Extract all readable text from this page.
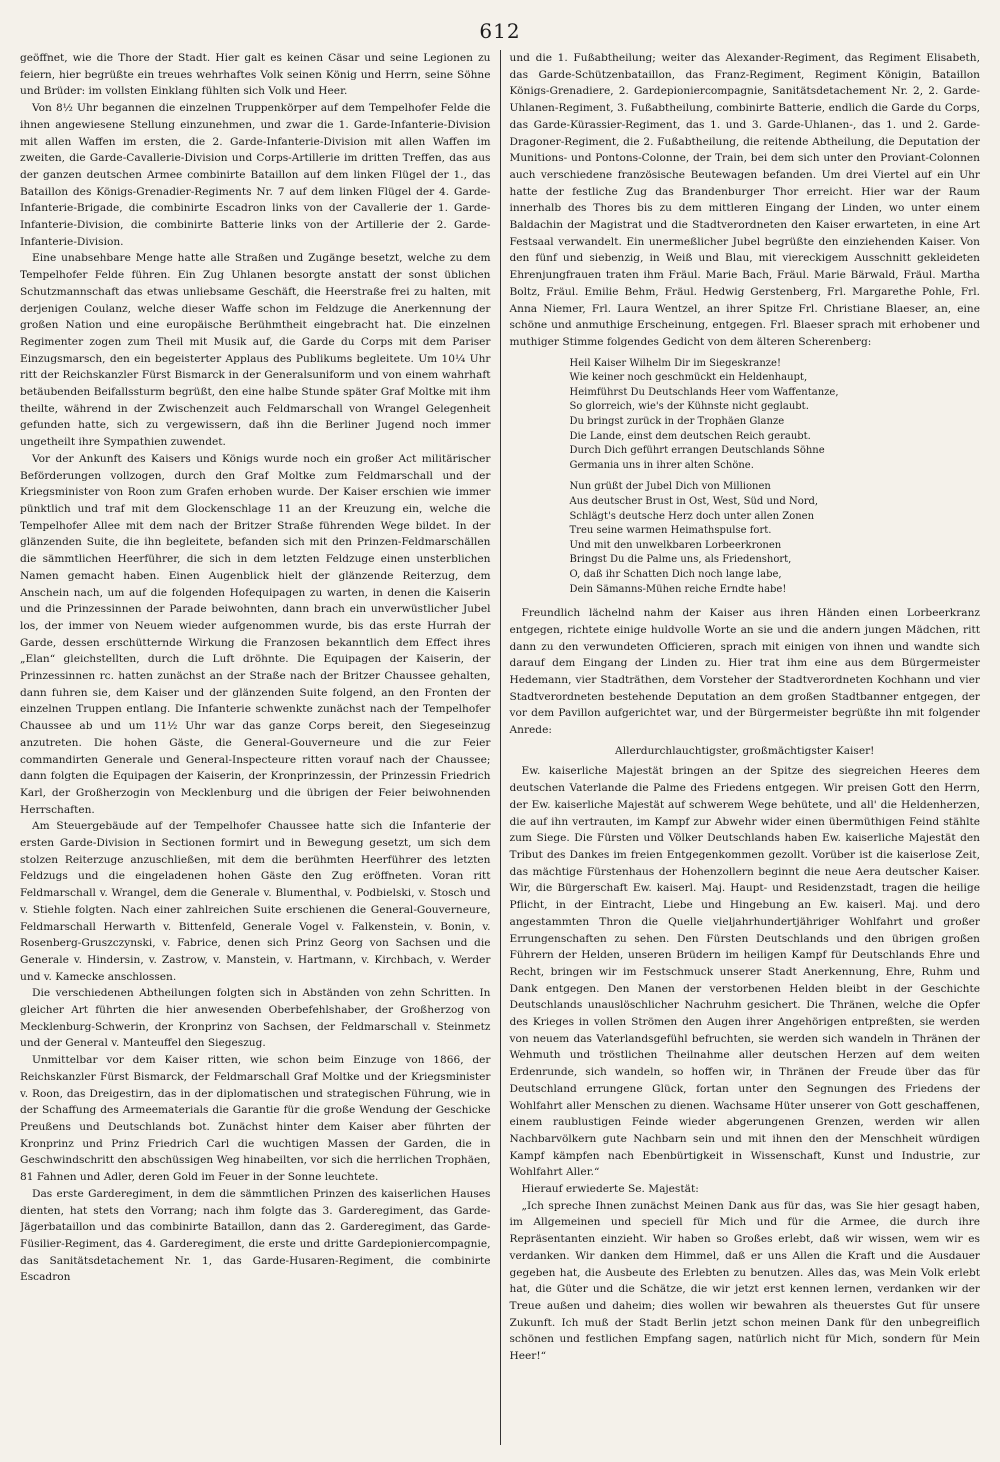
612

geöffnet, wie die Thore der Stadt. Hier galt es keinen Cäsar und seine Legionen zu feiern, hier begrüßte ein treues wehrhaftes Volk seinen König und Herrn, seine Söhne und Brüder: im vollsten Einklang fühlten sich Volk und Heer.

Von 8½ Uhr begannen die einzelnen Truppenkörper auf dem Tempelhofer Felde die ihnen angewiesene Stellung einzunehmen, und zwar die 1. Garde-Infanterie-Division mit allen Waffen im ersten, die 2. Garde-Infanterie-Division mit allen Waffen im zweiten, die Garde-Cavallerie-Division und Corps-Artillerie im dritten Treffen, das aus der ganzen deutschen Armee combinirte Bataillon auf dem linken Flügel der 1., das Bataillon des Königs-Grenadier-Regiments Nr. 7 auf dem linken Flügel der 4. Garde-Infanterie-Brigade, die combinirte Escadron links von der Cavallerie der 1. Garde-Infanterie-Division, die combinirte Batterie links von der Artillerie der 2. Garde-Infanterie-Division.

Eine unabsehbare Menge hatte alle Straßen und Zugänge besetzt, welche zu dem Tempelhofer Felde führen. Ein Zug Uhlanen besorgte anstatt der sonst üblichen Schutzmannschaft das etwas unliebsame Geschäft, die Heerstraße frei zu halten, mit derjenigen Coulanz, welche dieser Waffe schon im Feldzuge die Anerkennung der großen Nation und eine europäische Berühmtheit eingebracht hat. Die einzelnen Regimenter zogen zum Theil mit Musik auf, die Garde du Corps mit dem Pariser Einzugsmarsch, den ein begeisterter Applaus des Publikums begleitete. Um 10¼ Uhr ritt der Reichskanzler Fürst Bismarck in der Generalsuniform und von einem wahrhaft betäubenden Beifallssturm begrüßt, den eine halbe Stunde später Graf Moltke mit ihm theilte, während in der Zwischenzeit auch Feldmarschall von Wrangel Gelegenheit gefunden hatte, sich zu vergewissern, daß ihn die Berliner Jugend noch immer ungetheilt ihre Sympathien zuwendet.

Vor der Ankunft des Kaisers und Königs wurde noch ein großer Act militärischer Beförderungen vollzogen, durch den Graf Moltke zum Feldmarschall und der Kriegsminister von Roon zum Grafen erhoben wurde. Der Kaiser erschien wie immer pünktlich und traf mit dem Glockenschlage 11 an der Kreuzung ein, welche die Tempelhofer Allee mit dem nach der Britzer Straße führenden Wege bildet. In der glänzenden Suite, die ihn begleitete, befanden sich mit den Prinzen-Feldmarschällen die sämmtlichen Heerführer, die sich in dem letzten Feldzuge einen unsterblichen Namen gemacht haben. Einen Augenblick hielt der glänzende Reiterzug, dem Anschein nach, um auf die folgenden Hofequipagen zu warten, in denen die Kaiserin und die Prinzessinnen der Parade beiwohnten, dann brach ein unverwüstlicher Jubel los, der immer von Neuem wieder aufgenommen wurde, bis das erste Hurrah der Garde, dessen erschütternde Wirkung die Franzosen bekanntlich dem Effect ihres „Elan“ gleichstellten, durch die Luft dröhnte. Die Equipagen der Kaiserin, der Prinzessinnen rc. hatten zunächst an der Straße nach der Britzer Chaussee gehalten, dann fuhren sie, dem Kaiser und der glänzenden Suite folgend, an den Fronten der einzelnen Truppen entlang. Die Infanterie schwenkte zunächst nach der Tempelhofer Chaussee ab und um 11½ Uhr war das ganze Corps bereit, den Siegeseinzug anzutreten. Die hohen Gäste, die General-Gouverneure und die zur Feier commandirten Generale und General-Inspecteure ritten vorauf nach der Chaussee; dann folgten die Equipagen der Kaiserin, der Kronprinzessin, der Prinzessin Friedrich Karl, der Großherzogin von Mecklenburg und die übrigen der Feier beiwohnenden Herrschaften.

Am Steuergebäude auf der Tempelhofer Chaussee hatte sich die Infanterie der ersten Garde-Division in Sectionen formirt und in Bewegung gesetzt, um sich dem stolzen Reiterzuge anzuschließen, mit dem die berühmten Heerführer des letzten Feldzugs und die eingeladenen hohen Gäste den Zug eröffneten. Voran ritt Feldmarschall v. Wrangel, dem die Generale v. Blumenthal, v. Podbielski, v. Stosch und v. Stiehle folgten. Nach einer zahlreichen Suite erschienen die General-Gouverneure, Feldmarschall Herwarth v. Bittenfeld, Generale Vogel v. Falkenstein, v. Bonin, v. Rosenberg-Gruszczynski, v. Fabrice, denen sich Prinz Georg von Sachsen und die Generale v. Hindersin, v. Zastrow, v. Manstein, v. Hartmann, v. Kirchbach, v. Werder und v. Kamecke anschlossen.

Die verschiedenen Abtheilungen folgten sich in Abständen von zehn Schritten. In gleicher Art führten die hier anwesenden Oberbefehlshaber, der Großherzog von Mecklenburg-Schwerin, der Kronprinz von Sachsen, der Feldmarschall v. Steinmetz und der General v. Manteuffel den Siegeszug.

Unmittelbar vor dem Kaiser ritten, wie schon beim Einzuge von 1866, der Reichskanzler Fürst Bismarck, der Feldmarschall Graf Moltke und der Kriegsminister v. Roon, das Dreigestirn, das in der diplomatischen und strategischen Führung, wie in der Schaffung des Armeematerials die Garantie für die große Wendung der Geschicke Preußens und Deutschlands bot. Zunächst hinter dem Kaiser aber führten der Kronprinz und Prinz Friedrich Carl die wuchtigen Massen der Garden, die in Geschwindschritt den abschüssigen Weg hinabeilten, vor sich die herrlichen Trophäen, 81 Fahnen und Adler, deren Gold im Feuer in der Sonne leuchtete.

Das erste Garderegiment, in dem die sämmtlichen Prinzen des kaiserlichen Hauses dienten, hat stets den Vorrang; nach ihm folgte das 3. Garderegiment, das Garde-Jägerbataillon und das combinirte Bataillon, dann das 2. Garderegiment, das Garde-Füsilier-Regiment, das 4. Garderegiment, die erste und dritte Gardepioniercompagnie, das Sanitätsdetachement Nr. 1, das Garde-Husaren-Regiment, die combinirte Escadron

und die 1. Fußabtheilung; weiter das Alexander-Regiment, das Regiment Elisabeth, das Garde-Schützenbataillon, das Franz-Regiment, Regiment Königin, Bataillon Königs-Grenadiere, 2. Gardepioniercompagnie, Sanitätsdetachement Nr. 2, 2. Garde-Uhlanen-Regiment, 3. Fußabtheilung, combinirte Batterie, endlich die Garde du Corps, das Garde-Kürassier-Regiment, das 1. und 3. Garde-Uhlanen-, das 1. und 2. Garde-Dragoner-Regiment, die 2. Fußabtheilung, die reitende Abtheilung, die Deputation der Munitions- und Pontons-Colonne, der Train, bei dem sich unter den Proviant-Colonnen auch verschiedene französische Beutewagen befanden. Um drei Viertel auf ein Uhr hatte der festliche Zug das Brandenburger Thor erreicht. Hier war der Raum innerhalb des Thores bis zu dem mittleren Eingang der Linden, wo unter einem Baldachin der Magistrat und die Stadtverordneten den Kaiser erwarteten, in eine Art Festsaal verwandelt. Ein unermeßlicher Jubel begrüßte den einziehenden Kaiser. Von den fünf und siebenzig, in Weiß und Blau, mit viereckigem Ausschnitt gekleideten Ehrenjungfrauen traten ihm Fräul. Marie Bach, Fräul. Marie Bärwald, Fräul. Martha Boltz, Fräul. Emilie Behm, Fräul. Hedwig Gerstenberg, Frl. Margarethe Pohle, Frl. Anna Niemer, Frl. Laura Wentzel, an ihrer Spitze Frl. Christiane Blaeser, an, eine schöne und anmuthige Erscheinung, entgegen. Frl. Blaeser sprach mit erhobener und muthiger Stimme folgendes Gedicht von dem älteren Scherenberg:

Heil Kaiser Wilhelm Dir im Siegeskranze!
Wie keiner noch geschmückt ein Heldenhaupt,
Heimführst Du Deutschlands Heer vom Waffentanze,
So glorreich, wie's der Kühnste nicht geglaubt.
Du bringst zurück in der Trophäen Glanze
Die Lande, einst dem deutschen Reich geraubt.
Durch Dich geführt errangen Deutschlands Söhne
Germania uns in ihrer alten Schöne.
Nun grüßt der Jubel Dich von Millionen
Aus deutscher Brust in Ost, West, Süd und Nord,
Schlägt's deutsche Herz doch unter allen Zonen
Treu seine warmen Heimathspulse fort.
Und mit den unwelkbaren Lorbeerkronen
Bringst Du die Palme uns, als Friedenshort,
O, daß ihr Schatten Dich noch lange labe,
Dein Sämanns-Mühen reiche Erndte habe!

Freundlich lächelnd nahm der Kaiser aus ihren Händen einen Lorbeerkranz entgegen, richtete einige huldvolle Worte an sie und die andern jungen Mädchen, ritt dann zu den verwundeten Officieren, sprach mit einigen von ihnen und wandte sich darauf dem Eingang der Linden zu. Hier trat ihm eine aus dem Bürgermeister Hedemann, vier Stadträthen, dem Vorsteher der Stadtverordneten Kochhann und vier Stadtverordneten bestehende Deputation an dem großen Stadtbanner entgegen, der vor dem Pavillon aufgerichtet war, und der Bürgermeister begrüßte ihn mit folgender Anrede:

Allerdurchlauchtigster, großmächtigster Kaiser!

Ew. kaiserliche Majestät bringen an der Spitze des siegreichen Heeres dem deutschen Vaterlande die Palme des Friedens entgegen. Wir preisen Gott den Herrn, der Ew. kaiserliche Majestät auf schwerem Wege behütete, und all' die Heldenherzen, die auf ihn vertrauten, im Kampf zur Abwehr wider einen übermüthigen Feind stählte zum Siege. Die Fürsten und Völker Deutschlands haben Ew. kaiserliche Majestät den Tribut des Dankes im freien Entgegenkommen gezollt. Vorüber ist die kaiserlose Zeit, das mächtige Fürstenhaus der Hohenzollern beginnt die neue Aera deutscher Kaiser. Wir, die Bürgerschaft Ew. kaiserl. Maj. Haupt- und Residenzstadt, tragen die heilige Pflicht, in der Eintracht, Liebe und Hingebung an Ew. kaiserl. Maj. und dero angestammten Thron die Quelle vieljahrhundertjähriger Wohlfahrt und großer Errungenschaften zu sehen. Den Fürsten Deutschlands und den übrigen großen Führern der Helden, unseren Brüdern im heiligen Kampf für Deutschlands Ehre und Recht, bringen wir im Festschmuck unserer Stadt Anerkennung, Ehre, Ruhm und Dank entgegen. Den Manen der verstorbenen Helden bleibt in der Geschichte Deutschlands unauslöschlicher Nachruhm gesichert. Die Thränen, welche die Opfer des Krieges in vollen Strömen den Augen ihrer Angehörigen entpreßten, sie werden von neuem das Vaterlandsgefühl befruchten, sie werden sich wandeln in Thränen der Wehmuth und tröstlichen Theilnahme aller deutschen Herzen auf dem weiten Erdenrunde, sich wandeln, so hoffen wir, in Thränen der Freude über das für Deutschland errungene Glück, fortan unter den Segnungen des Friedens der Wohlfahrt aller Menschen zu dienen. Wachsame Hüter unserer von Gott geschaffenen, einem raublustigen Feinde wieder abgerungenen Grenzen, werden wir allen Nachbarvölkern gute Nachbarn sein und mit ihnen den der Menschheit würdigen Kampf kämpfen nach Ebenbürtigkeit in Wissenschaft, Kunst und Industrie, zur Wohlfahrt Aller.“

Hierauf erwiederte Se. Majestät:

„Ich spreche Ihnen zunächst Meinen Dank aus für das, was Sie hier gesagt haben, im Allgemeinen und speciell für Mich und für die Armee, die durch ihre Repräsentanten einzieht. Wir haben so Großes erlebt, daß wir wissen, wem wir es verdanken. Wir danken dem Himmel, daß er uns Allen die Kraft und die Ausdauer gegeben hat, die Ausbeute des Erlebten zu benutzen. Alles das, was Mein Volk erlebt hat, die Güter und die Schätze, die wir jetzt erst kennen lernen, verdanken wir der Treue außen und daheim; dies wollen wir bewahren als theuerstes Gut für unsere Zukunft. Ich muß der Stadt Berlin jetzt schon meinen Dank für den unbegreiflich schönen und festlichen Empfang sagen, natürlich nicht für Mich, sondern für Mein Heer!“
